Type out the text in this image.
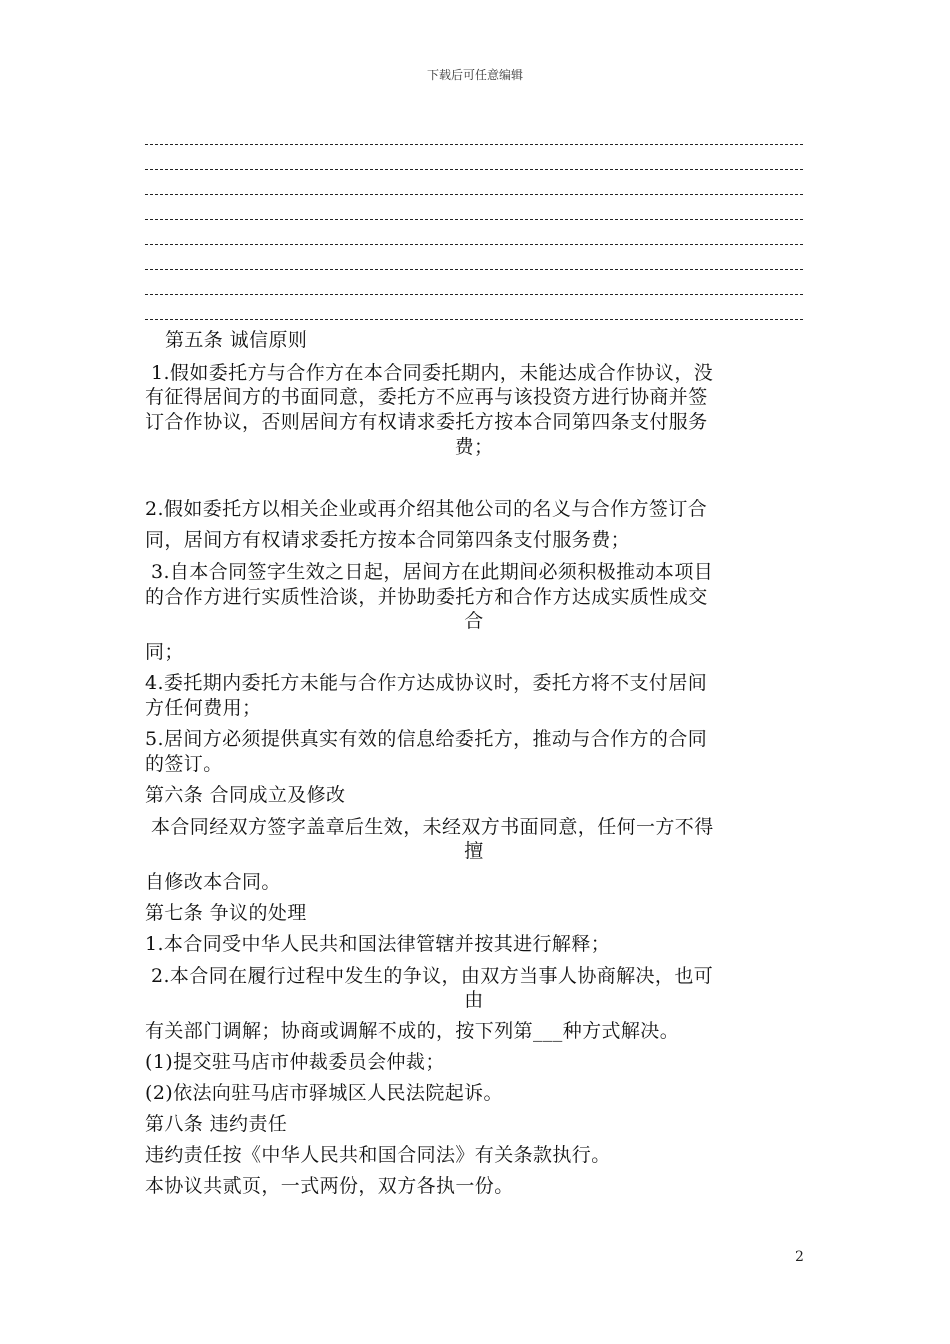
下载后可任意编辑
第五条 诚信原则
1.假如委托方与合作方在本合同委托期内，未能达成合作协议，没
有征得居间方的书面同意，委托方不应再与该投资方进行协商并签
订合作协议，否则居间方有权请求委托方按本合同第四条支付服务
费；
2.假如委托方以相关企业或再介绍其他公司的名义与合作方签订合
同，居间方有权请求委托方按本合同第四条支付服务费；
3.自本合同签字生效之日起，居间方在此期间必须积极推动本项目
的合作方进行实质性洽谈，并协助委托方和合作方达成实质性成交
合
同；
4.委托期内委托方未能与合作方达成协议时，委托方将不支付居间
方任何费用；
5.居间方必须提供真实有效的信息给委托方，推动与合作方的合同
的签订。
第六条 合同成立及修改
本合同经双方签字盖章后生效，未经双方书面同意，任何一方不得
擅
自修改本合同。
第七条 争议的处理
1.本合同受中华人民共和国法律管辖并按其进行解释；
2.本合同在履行过程中发生的争议，由双方当事人协商解决，也可
由
有关部门调解；协商或调解不成的，按下列第___种方式解决。
(1)提交驻马店市仲裁委员会仲裁；
(2)依法向驻马店市驿城区人民法院起诉。
第八条 违约责任
违约责任按《中华人民共和国合同法》有关条款执行。
本协议共贰页，一式两份，双方各执一份。
2
